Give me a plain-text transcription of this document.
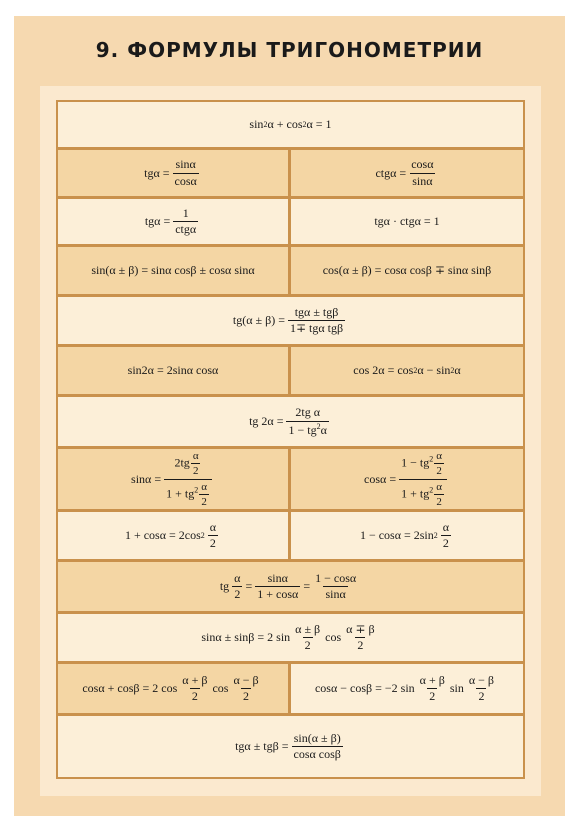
9. ФОРМУЛЫ ТРИГОНОМЕТРИИ
sin 2 α + cos 2 α = 1
$tg\alpha = \frac{\sin\alpha}{\cos\alpha}$	$ctg\alpha = \frac{\cos\alpha}{\sin\alpha}$
$tg\alpha = \frac{1}{\text{ctgα}}$	tgα · ctgα = 1
sin(α ± β) = sinα cosβ ± cosα sinα	cos(α ± β) = cosα cosβ ∓ sinα sinβ
$tg(\alpha \pm \beta) = \frac{\text{tgα ± tgβ}}{\text{1∓ tgα tgβ}}$
sin2α = 2sinα cosα	cos 2α = cos 2 α − sin 2 α
tg $2\alpha = \frac{\text{2tg α}}{1 - tg^2\alpha}$
$\sin\alpha = \frac{2tg \frac{\alpha}{2}}{1 + tg^2 \frac{\alpha}{2}}$	$\cos\alpha = \frac{1 - tg^2 \frac{\alpha}{2}}{1 + tg^2 \frac{\alpha}{2}}$
1 + cosα = 2cos $2 \frac{\alpha}{2}$	1 − cosα = 2sin $2 \frac{\alpha}{2}$
tg $\frac{\alpha}{2} = \frac{\sin\alpha}{1 + \cos\alpha} = \frac{1 - \cos\alpha}{\sin\alpha}$
sinα ± sinβ = 2 $\sin \frac{\alpha \pm \beta}{2}$ $\cos \frac{\alpha \mp \beta}{2}$
cosα + cosβ = 2 $\cos \frac{\alpha + \beta}{2}$ $\cos \frac{\alpha - \beta}{2}$	cosα − cosβ = −2 $\sin \frac{\alpha + \beta}{2}$ $\sin \frac{\alpha - \beta}{2}$
$tg\alpha \pm tg\beta = \frac{\sin(\alpha \pm \beta)}{\text{cosα cosβ}}$
